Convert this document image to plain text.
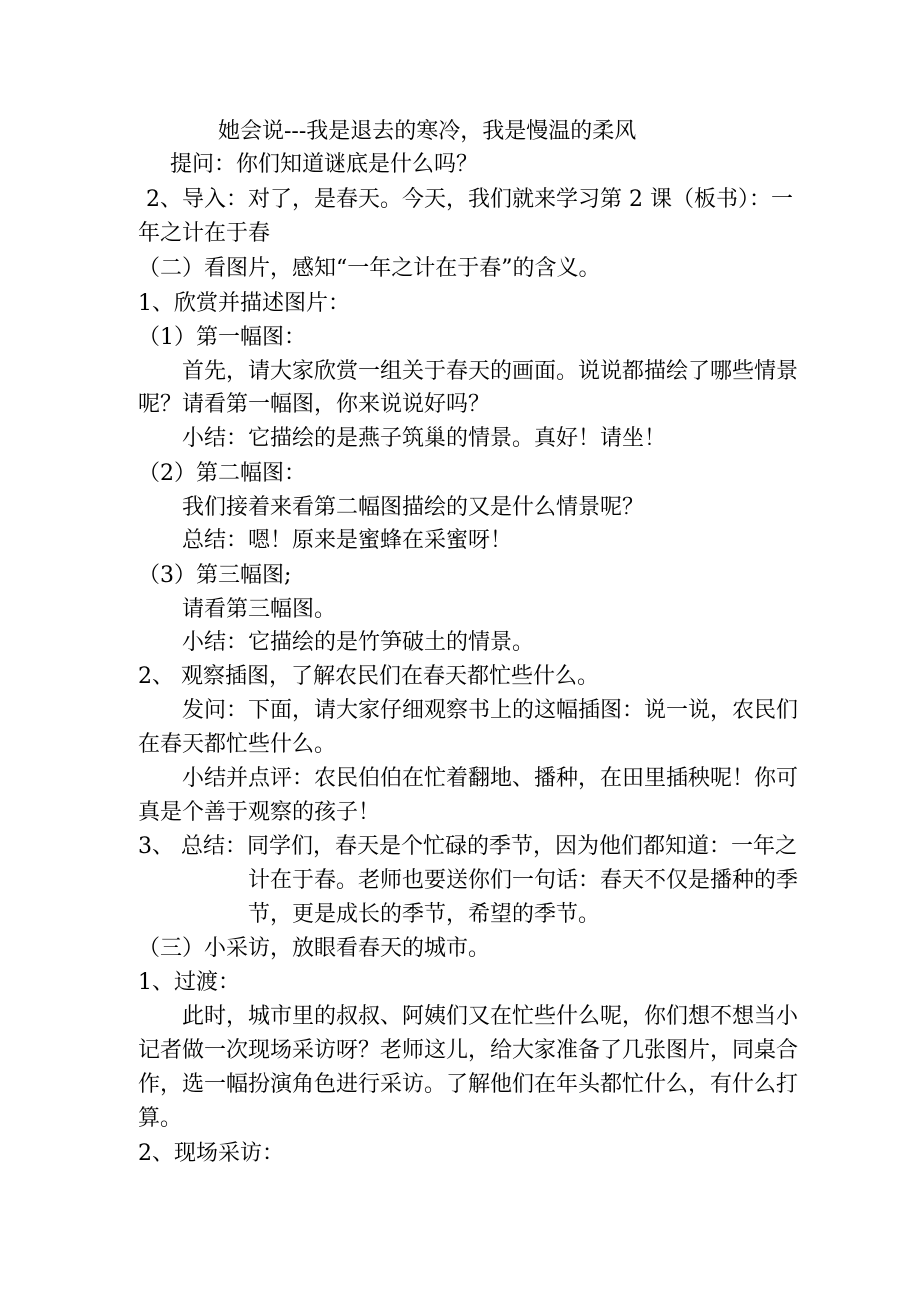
她会说---我是退去的寒冷，我是慢温的柔风
提问：你们知道谜底是什么吗？
2、导入：对了，是春天。今天，我们就来学习第 2 课（板书）：一
年之计在于春
（二）看图片，感知“一年之计在于春”的含义。
1、欣赏并描述图片：
（1）第一幅图：
首先，请大家欣赏一组关于春天的画面。说说都描绘了哪些情景
呢？请看第一幅图，你来说说好吗？
小结：它描绘的是燕子筑巢的情景。真好！请坐！
（2）第二幅图：
我们接着来看第二幅图描绘的又是什么情景呢？
总结：嗯！原来是蜜蜂在采蜜呀！
（3）第三幅图;
请看第三幅图。
小结：它描绘的是竹笋破土的情景。
2、 观察插图，了解农民们在春天都忙些什么。
发问：下面，请大家仔细观察书上的这幅插图：说一说，农民们
在春天都忙些什么。
小结并点评：农民伯伯在忙着翻地、播种，在田里插秧呢！你可
真是个善于观察的孩子！
3、 总结：同学们，春天是个忙碌的季节，因为他们都知道：一年之
计在于春。老师也要送你们一句话：春天不仅是播种的季
节，更是成长的季节，希望的季节。
（三）小采访，放眼看春天的城市。
1、过渡：
此时，城市里的叔叔、阿姨们又在忙些什么呢，你们想不想当小
记者做一次现场采访呀？老师这儿，给大家准备了几张图片，同桌合
作，选一幅扮演角色进行采访。了解他们在年头都忙什么，有什么打
算。
2、现场采访：
